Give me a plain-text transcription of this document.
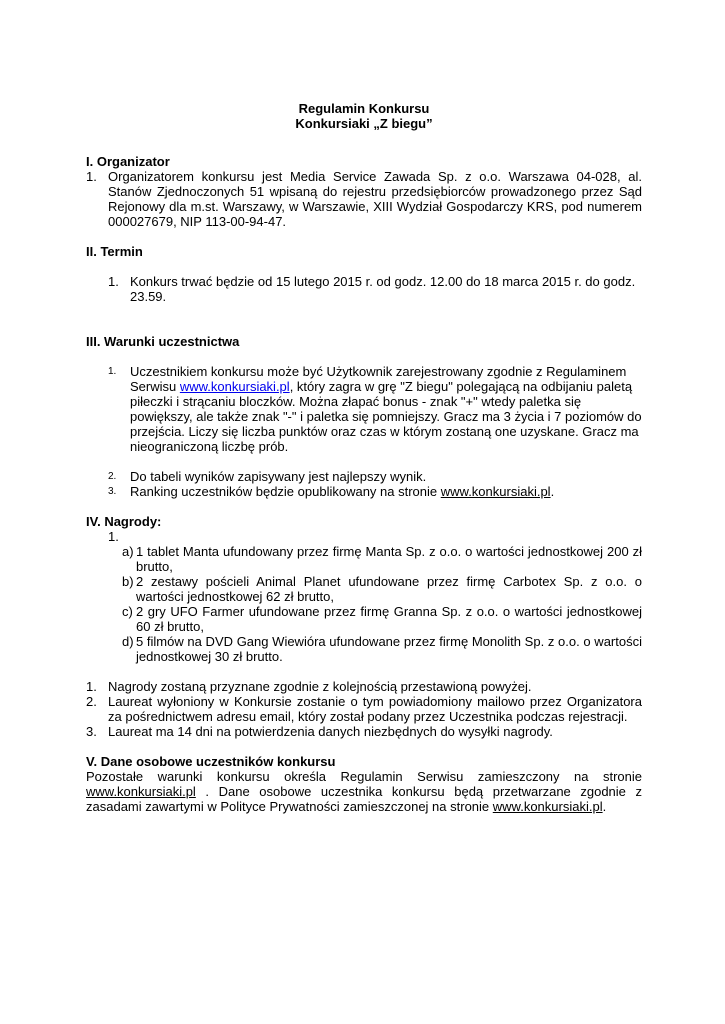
Regulamin Konkursu
Konkursiaki „Z biegu”
I. Organizator
1. Organizatorem konkursu jest Media Service Zawada Sp. z o.o. Warszawa 04-028, al. Stanów Zjednoczonych 51 wpisaną do rejestru przedsiębiorców prowadzonego przez Sąd Rejonowy dla m.st. Warszawy, w Warszawie, XIII Wydział Gospodarczy KRS, pod numerem 000027679, NIP 113-00-94-47.
II. Termin
1. Konkurs trwać będzie od 15 lutego 2015 r. od godz. 12.00 do 18 marca 2015 r. do godz. 23.59.
III. Warunki uczestnictwa
1.	Uczestnikiem konkursu może być Użytkownik zarejestrowany zgodnie z Regulaminem Serwisu www.konkursiaki.pl, który zagra w grę "Z biegu" polegającą na odbijaniu paletą piłeczki i strącaniu bloczków. Można złapać bonus - znak "+" wtedy paletka się powiększy, ale także znak "-" i paletka się pomniejszy. Gracz ma 3 życia i 7 poziomów do przejścia. Liczy się liczba punktów oraz czas w którym zostaną one uzyskane. Gracz ma nieograniczoną liczbę prób.
2.	Do tabeli wyników zapisywany jest najlepszy wynik.
3.	Ranking uczestników będzie opublikowany na stronie www.konkursiaki.pl.
IV. Nagrody:
1.
a) 1 tablet Manta ufundowany przez firmę Manta Sp. z o.o. o wartości jednostkowej 200 zł brutto,
b) 2 zestawy pościeli Animal Planet ufundowane przez firmę Carbotex Sp. z o.o. o wartości jednostkowej 62 zł brutto,
c) 2 gry UFO Farmer ufundowane przez firmę Granna Sp. z o.o. o wartości jednostkowej 60 zł brutto,
d) 5 filmów na DVD Gang Wiewióra ufundowane przez firmę Monolith Sp. z o.o. o wartości jednostkowej 30 zł brutto.
1. Nagrody zostaną przyznane zgodnie z kolejnością przestawioną powyżej.
2. Laureat wyłoniony w Konkursie zostanie o tym powiadomiony mailowo przez Organizatora za pośrednictwem adresu email, który został podany przez Uczestnika podczas rejestracji.
3. Laureat ma 14 dni na potwierdzenia danych niezbędnych do wysyłki nagrody.
V. Dane osobowe uczestników konkursu
Pozostałe warunki konkursu określa Regulamin Serwisu zamieszczony na stronie www.konkursiaki.pl . Dane osobowe uczestnika konkursu będą przetwarzane zgodnie z zasadami zawartymi w Polityce Prywatności zamieszczonej na stronie www.konkursiaki.pl.
